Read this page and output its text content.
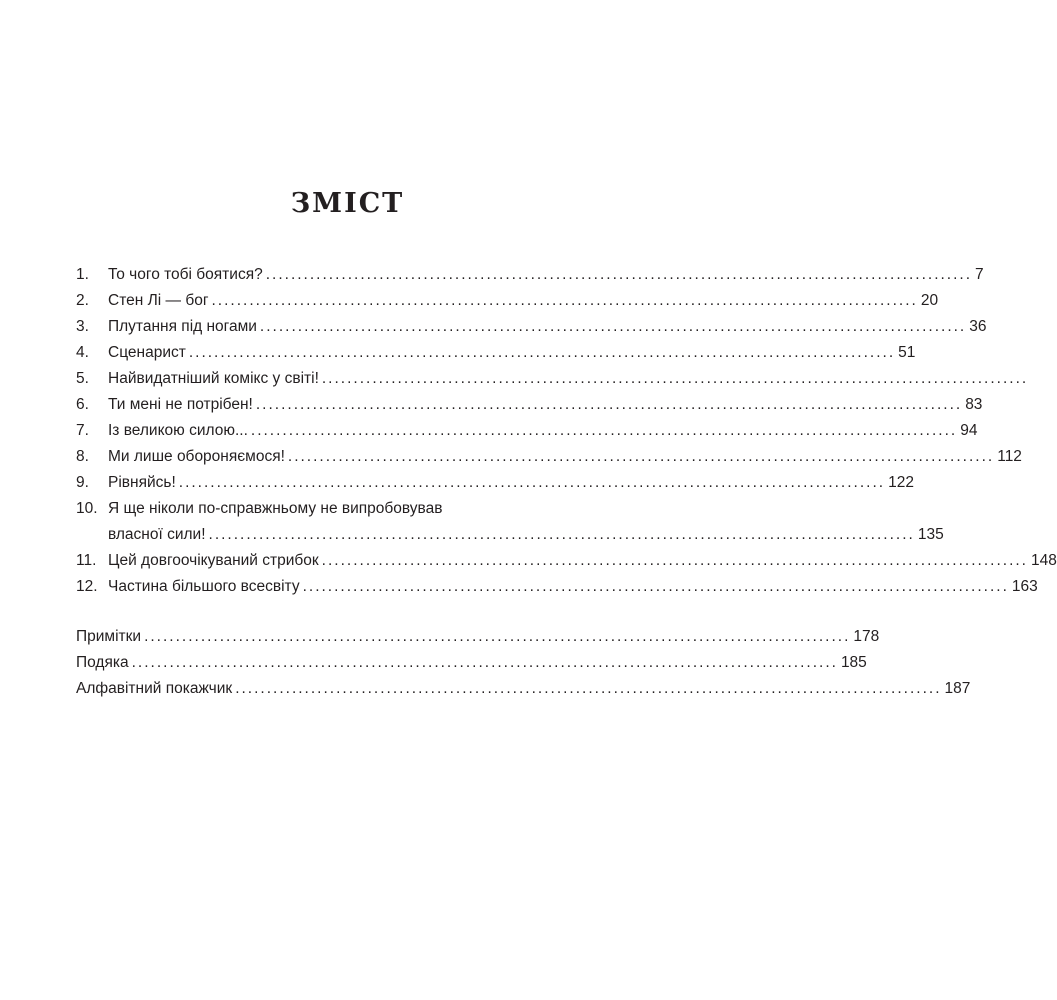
ЗМІСТ
1.	То чого тобі боятися? ................................................................................................................ 7
2.	Стен Лі — бог ................................................................................................................ 20
3.	Плутання під ногами ................................................................................................................ 36
4.	Сценарист ................................................................................................................ 51
5.	Найвидатніший комікс у світі! ................................................................................................................
6.	Ти мені не потрібен! ................................................................................................................ 83
7.	Із великою силою... ................................................................................................................ 94
8.	Ми лише обороняємося! ................................................................................................................ 112
9.	Рівняйсь! ................................................................................................................ 122
10. Я ще ніколи по-справжньому не випробовував
власної сили! ................................................................................................................ 135
11. Цей довгоочікуваний стрибок ................................................................................................................ 148
12. Частина більшого всесвіту ................................................................................................................ 163
Примітки ................................................................................................................ 178
Подяка ................................................................................................................ 185
Алфавітний покажчик ................................................................................................................ 187
